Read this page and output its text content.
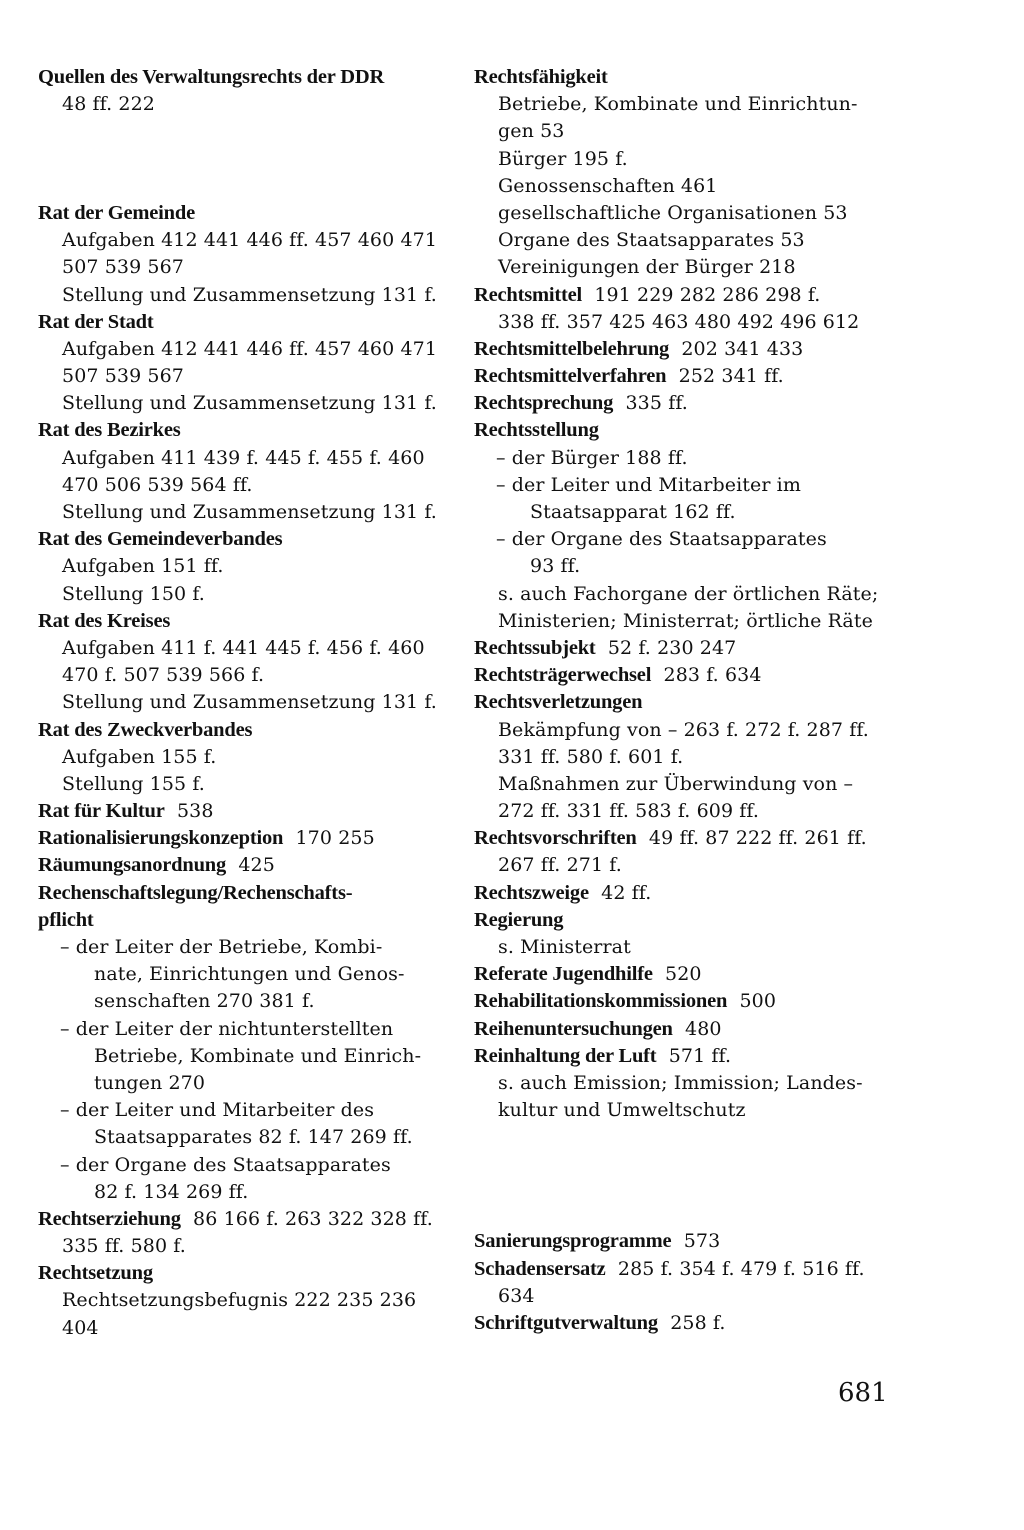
Quellen des Verwaltungsrechts der DDR
48 ff. 222
Rat der Gemeinde
Aufgaben 412 441 446 ff. 457 460 471
507 539 567
Stellung und Zusammensetzung 131 f.
Rat der Stadt
Aufgaben 412 441 446 ff. 457 460 471
507 539 567
Stellung und Zusammensetzung 131 f.
Rat des Bezirkes
Aufgaben 411 439 f. 445 f. 455 f. 460
470 506 539 564 ff.
Stellung und Zusammensetzung 131 f.
Rat des Gemeindeverbandes
Aufgaben 151 ff.
Stellung 150 f.
Rat des Kreises
Aufgaben 411 f. 441 445 f. 456 f. 460
470 f. 507 539 566 f.
Stellung und Zusammensetzung 131 f.
Rat des Zweckverbandes
Aufgaben 155 f.
Stellung 155 f.
Rat für Kultur 538
Rationalisierungskonzeption 170 255
Räumungsanordnung 425
Rechenschaftslegung/Rechenschafts-
pflicht
– der Leiter der Betriebe, Kombi-
nate, Einrichtungen und Genos-
senschaften 270 381 f.
– der Leiter der nichtunterstellten
Betriebe, Kombinate und Einrich-
tungen 270
– der Leiter und Mitarbeiter des
Staatsapparates 82 f. 147 269 ff.
– der Organe des Staatsapparates
82 f. 134 269 ff.
Rechtserziehung 86 166 f. 263 322 328 ff.
335 ff. 580 f.
Rechtsetzung
Rechtsetzungsbefugnis 222 235 236
404
Rechtsfähigkeit
Betriebe, Kombinate und Einrichtun-
gen 53
Bürger 195 f.
Genossenschaften 461
gesellschaftliche Organisationen 53
Organe des Staatsapparates 53
Vereinigungen der Bürger 218
Rechtsmittel 191 229 282 286 298 f.
338 ff. 357 425 463 480 492 496 612
Rechtsmittelbelehrung 202 341 433
Rechtsmittelverfahren 252 341 ff.
Rechtsprechung 335 ff.
Rechtsstellung
– der Bürger 188 ff.
– der Leiter und Mitarbeiter im
Staatsapparat 162 ff.
– der Organe des Staatsapparates
93 ff.
s. auch Fachorgane der örtlichen Räte;
Ministerien; Ministerrat; örtliche Räte
Rechtssubjekt 52 f. 230 247
Rechtsträgerwechsel 283 f. 634
Rechtsverletzungen
Bekämpfung von – 263 f. 272 f. 287 ff.
331 ff. 580 f. 601 f.
Maßnahmen zur Überwindung von –
272 ff. 331 ff. 583 f. 609 ff.
Rechtsvorschriften 49 ff. 87 222 ff. 261 ff.
267 ff. 271 f.
Rechtszweige 42 ff.
Regierung
s. Ministerrat
Referate Jugendhilfe 520
Rehabilitationskommissionen 500
Reihenuntersuchungen 480
Reinhaltung der Luft 571 ff.
s. auch Emission; Immission; Landes-
kultur und Umweltschutz
Sanierungsprogramme 573
Schadensersatz 285 f. 354 f. 479 f. 516 ff.
634
Schriftgutverwaltung 258 f.
681
